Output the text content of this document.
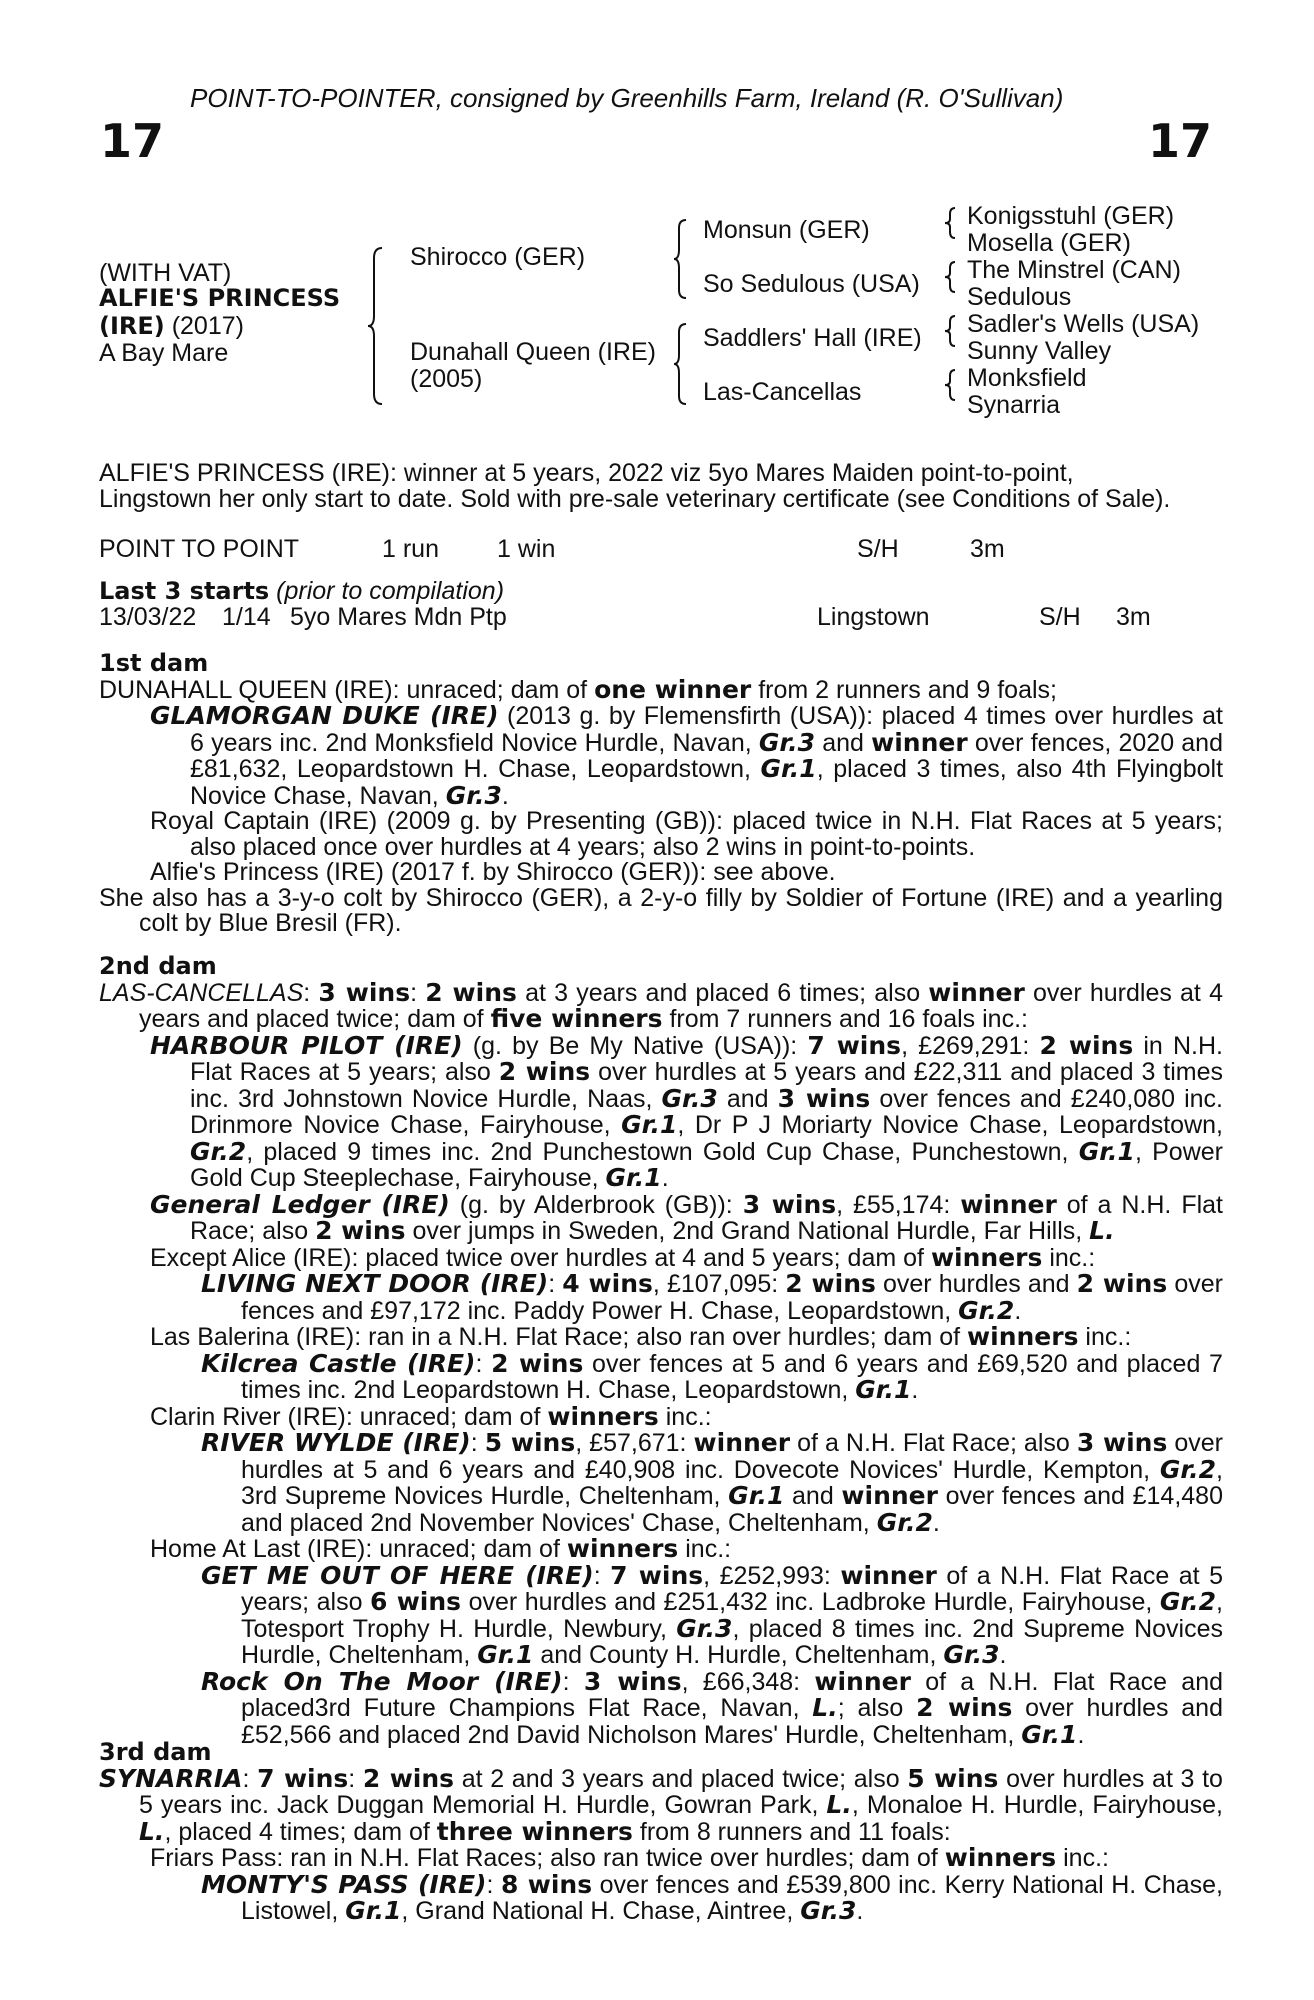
POINT-TO-POINTER, consigned by Greenhills Farm, Ireland (R. O'Sullivan)
17	17
(WITH VAT)
ALFIE'S PRINCESS
(IRE) (2017)
A Bay Mare
Shirocco (GER)
Dunahall Queen (IRE)
(2005)
Monsun (GER)
So Sedulous (USA)
Saddlers' Hall (IRE)
Las-Cancellas
Konigsstuhl (GER)
Mosella (GER)
The Minstrel (CAN)
Sedulous
Sadler's Wells (USA)
Sunny Valley
Monksfield
Synarria
ALFIE'S PRINCESS (IRE): winner at 5 years, 2022 viz 5yo Mares Maiden point-to-point,
Lingstown her only start to date. Sold with pre-sale veterinary certificate (see Conditions of Sale).
POINT TO POINT	1 run 1 win	S/H	3m
Last 3 starts (prior to compilation)
13/03/22 1/14 5yo Mares Mdn Ptp	Lingstown	S/H 3m
1st dam

DUNAHALL QUEEN (IRE): unraced; dam of one winner from 2 runners and 9 foals;

GLAMORGAN DUKE (IRE) (2013 g. by Flemensfirth (USA)): placed 4 times over hurdles at 6 years inc. 2nd Monksfield Novice Hurdle, Navan, Gr.3 and winner over fences, 2020 and £81,632, Leopardstown H. Chase, Leopardstown, Gr.1, placed 3 times, also 4th Flyingbolt Novice Chase, Navan, Gr.3.

Royal Captain (IRE) (2009 g. by Presenting (GB)): placed twice in N.H. Flat Races at 5 years; also placed once over hurdles at 4 years; also 2 wins in point-to-points.

Alfie's Princess (IRE) (2017 f. by Shirocco (GER)): see above.

She also has a 3-y-o colt by Shirocco (GER), a 2-y-o filly by Soldier of Fortune (IRE) and a yearling colt by Blue Bresil (FR).

2nd dam

LAS-CANCELLAS: 3 wins: 2 wins at 3 years and placed 6 times; also winner over hurdles at 4 years and placed twice; dam of five winners from 7 runners and 16 foals inc.:

HARBOUR PILOT (IRE) (g. by Be My Native (USA)): 7 wins, £269,291: 2 wins in N.H. Flat Races at 5 years; also 2 wins over hurdles at 5 years and £22,311 and placed 3 times inc. 3rd Johnstown Novice Hurdle, Naas, Gr.3 and 3 wins over fences and £240,080 inc. Drinmore Novice Chase, Fairyhouse, Gr.1, Dr P J Moriarty Novice Chase, Leopardstown, Gr.2, placed 9 times inc. 2nd Punchestown Gold Cup Chase, Punchestown, Gr.1, Power Gold Cup Steeplechase, Fairyhouse, Gr.1.

General Ledger (IRE) (g. by Alderbrook (GB)): 3 wins, £55,174: winner of a N.H. Flat Race; also 2 wins over jumps in Sweden, 2nd Grand National Hurdle, Far Hills, L.

Except Alice (IRE): placed twice over hurdles at 4 and 5 years; dam of winners inc.:

LIVING NEXT DOOR (IRE): 4 wins, £107,095: 2 wins over hurdles and 2 wins over fences and £97,172 inc. Paddy Power H. Chase, Leopardstown, Gr.2.

Las Balerina (IRE): ran in a N.H. Flat Race; also ran over hurdles; dam of winners inc.:

Kilcrea Castle (IRE): 2 wins over fences at 5 and 6 years and £69,520 and placed 7 times inc. 2nd Leopardstown H. Chase, Leopardstown, Gr.1.

Clarin River (IRE): unraced; dam of winners inc.:

RIVER WYLDE (IRE): 5 wins, £57,671: winner of a N.H. Flat Race; also 3 wins over hurdles at 5 and 6 years and £40,908 inc. Dovecote Novices' Hurdle, Kempton, Gr.2, 3rd Supreme Novices Hurdle, Cheltenham, Gr.1 and winner over fences and £14,480 and placed 2nd November Novices' Chase, Cheltenham, Gr.2.

Home At Last (IRE): unraced; dam of winners inc.:

GET ME OUT OF HERE (IRE): 7 wins, £252,993: winner of a N.H. Flat Race at 5 years; also 6 wins over hurdles and £251,432 inc. Ladbroke Hurdle, Fairyhouse, Gr.2, Totesport Trophy H. Hurdle, Newbury, Gr.3, placed 8 times inc. 2nd Supreme Novices Hurdle, Cheltenham, Gr.1 and County H. Hurdle, Cheltenham, Gr.3.

Rock On The Moor (IRE): 3 wins, £66,348: winner of a N.H. Flat Race and placed3rd Future Champions Flat Race, Navan, L.; also 2 wins over hurdles and £52,566 and placed 2nd David Nicholson Mares' Hurdle, Cheltenham, Gr.1.

3rd dam

SYNARRIA: 7 wins: 2 wins at 2 and 3 years and placed twice; also 5 wins over hurdles at 3 to 5 years inc. Jack Duggan Memorial H. Hurdle, Gowran Park, L., Monaloe H. Hurdle, Fairyhouse, L., placed 4 times; dam of three winners from 8 runners and 11 foals:

Friars Pass: ran in N.H. Flat Races; also ran twice over hurdles; dam of winners inc.:

MONTY'S PASS (IRE): 8 wins over fences and £539,800 inc. Kerry National H. Chase, Listowel, Gr.1, Grand National H. Chase, Aintree, Gr.3.
